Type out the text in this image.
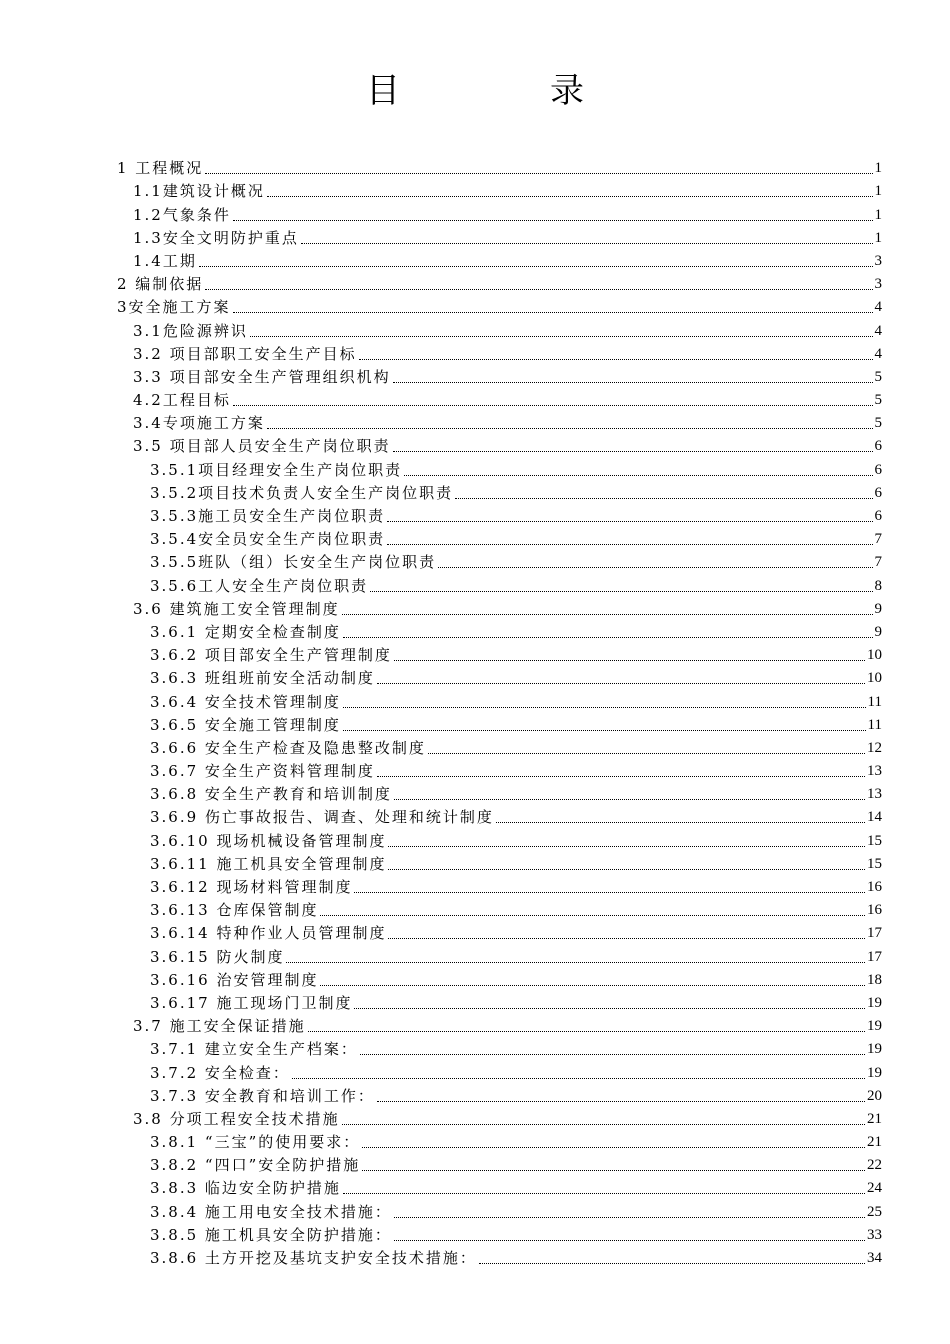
目　录
1 工程概况	1
1.1建筑设计概况	1
1.2气象条件	1
1.3安全文明防护重点	1
1.4工期	3
2 编制依据	3
3安全施工方案	4
3.1危险源辨识	4
3.2 项目部职工安全生产目标	4
3.3 项目部安全生产管理组织机构	5
4.2工程目标	5
3.4专项施工方案	5
3.5 项目部人员安全生产岗位职责	6
3.5.1项目经理安全生产岗位职责	6
3.5.2项目技术负责人安全生产岗位职责	6
3.5.3施工员安全生产岗位职责	6
3.5.4安全员安全生产岗位职责	7
3.5.5班队（组）长安全生产岗位职责	7
3.5.6工人安全生产岗位职责	8
3.6 建筑施工安全管理制度	9
3.6.1 定期安全检查制度	9
3.6.2 项目部安全生产管理制度	10
3.6.3 班组班前安全活动制度	10
3.6.4 安全技术管理制度	11
3.6.5 安全施工管理制度	11
3.6.6 安全生产检查及隐患整改制度	12
3.6.7 安全生产资料管理制度	13
3.6.8 安全生产教育和培训制度	13
3.6.9 伤亡事故报告、调查、处理和统计制度	14
3.6.10 现场机械设备管理制度	15
3.6.11 施工机具安全管理制度	15
3.6.12 现场材料管理制度	16
3.6.13 仓库保管制度	16
3.6.14 特种作业人员管理制度	17
3.6.15 防火制度	17
3.6.16 治安管理制度	18
3.6.17 施工现场门卫制度	19
3.7 施工安全保证措施	19
3.7.1 建立安全生产档案：	19
3.7.2 安全检查：	19
3.7.3 安全教育和培训工作：	20
3.8 分项工程安全技术措施	21
3.8.1 “三宝”的使用要求：	21
3.8.2 “四口”安全防护措施	22
3.8.3 临边安全防护措施	24
3.8.4 施工用电安全技术措施：	25
3.8.5 施工机具安全防护措施：	33
3.8.6 土方开挖及基坑支护安全技术措施：	34
